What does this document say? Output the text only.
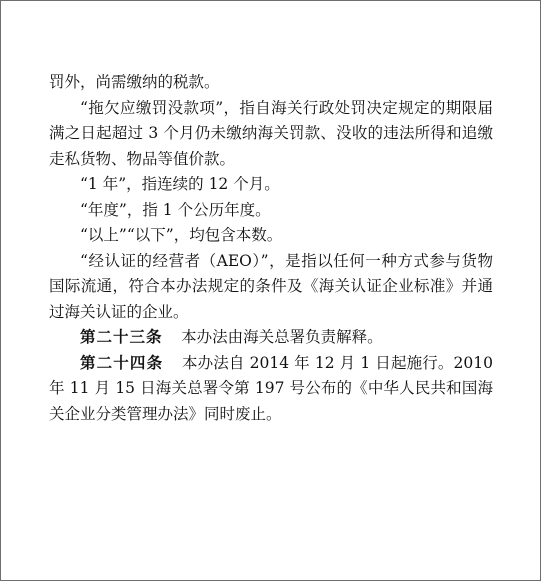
罚外，尚需缴纳的税款。

“拖欠应缴罚没款项”，指自海关行政处罚决定规定的期限届满之日起超过 3 个月仍未缴纳海关罚款、没收的违法所得和追缴走私货物、物品等值价款。

“1 年”，指连续的 12 个月。

“年度”，指 1 个公历年度。

“以上”“以下”，均包含本数。

“经认证的经营者（AEO）”，是指以任何一种方式参与货物国际流通，符合本办法规定的条件及《海关认证企业标准》并通过海关认证的企业。

第二十三条 本办法由海关总署负责解释。

第二十四条 本办法自 2014 年 12 月 1 日起施行。2010 年 11 月 15 日海关总署令第 197 号公布的《中华人民共和国海关企业分类管理办法》同时废止。
